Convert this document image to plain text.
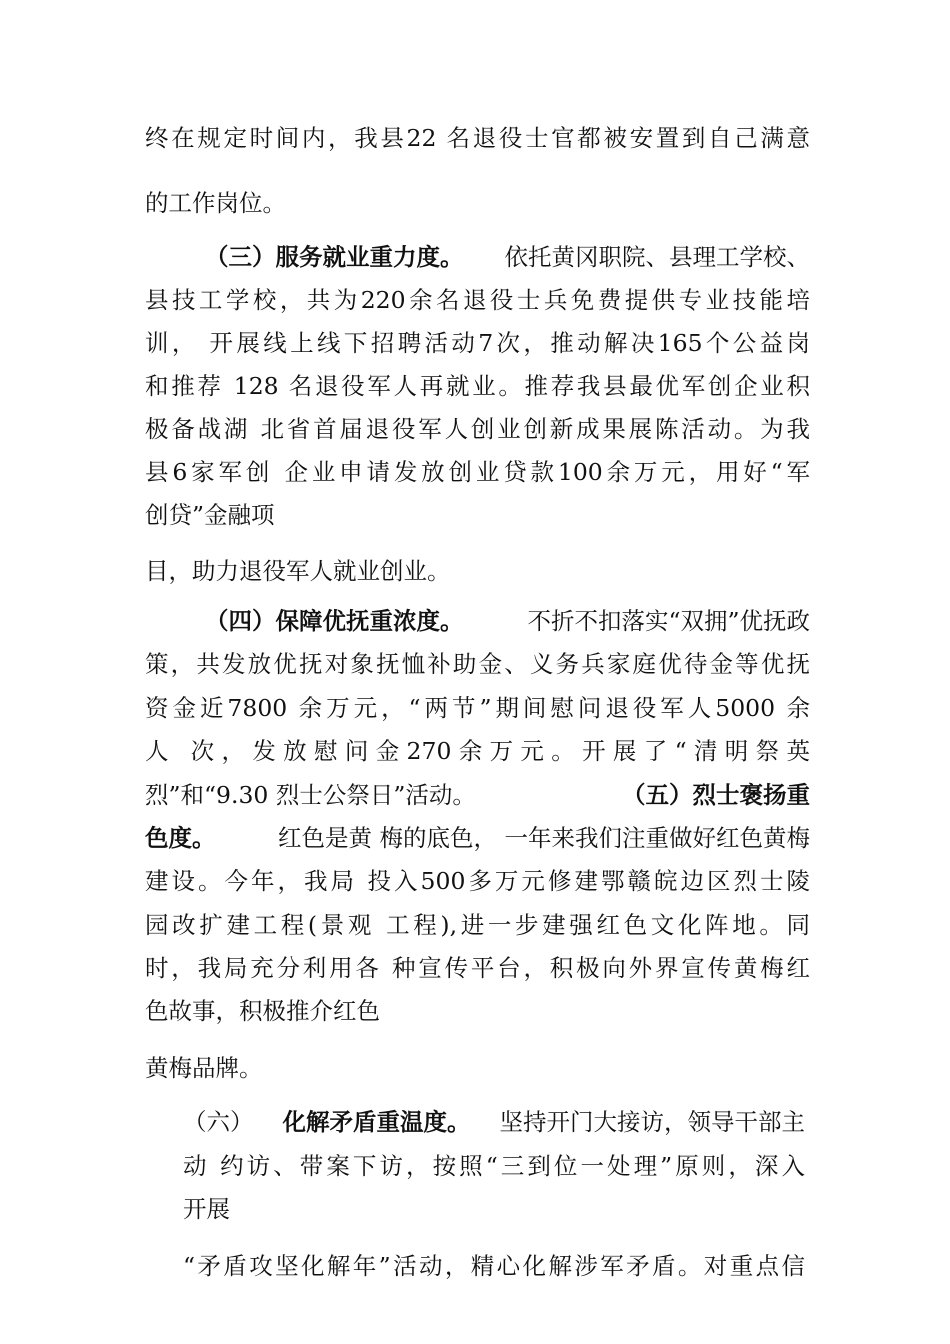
终在规定时间内，我县22 名退役士官都被安置到自己满意
的工作岗位。
（三）服务就业重力度。 依托黄冈职院、县理工学校、
县技工学校，共为220余名退役士兵免费提供专业技能培
训， 开展线上线下招聘活动7次，推动解决165个公益岗
和推荐 128 名退役军人再就业。推荐我县最优军创企业积
极备战湖 北省首届退役军人创业创新成果展陈活动。为我
县6家军创 企业申请发放创业贷款100余万元，用好“军
创贷”金融项
目，助力退役军人就业创业。
（四）保障优抚重浓度。	不折不扣落实“双拥”优抚政
策，共发放优抚对象抚恤补助金、义务兵家庭优待金等优抚
资金近7800 余万元，“两节”期间慰问退役军人5000 余
人 次，发放慰问金270余万元。开展了“清明祭英
烈”和“9.30 烈士公祭日”活动。	（五）烈士褒扬重
色度。	红色是黄 梅的底色， 一年来我们注重做好红色黄梅
建设。今年，我局 投入500多万元修建鄂赣皖边区烈士陵
园改扩建工程(景观 工程),进一步建强红色文化阵地。同
时，我局充分利用各 种宣传平台，积极向外界宣传黄梅红
色故事，积极推介红色
黄梅品牌。
（六） 化解矛盾重温度。 坚持开门大接访，领导干部主
动 约访、带案下访，按照“三到位一处理”原则，深入
开展
“矛盾攻坚化解年”活动，精心化解涉军矛盾。对重点信
